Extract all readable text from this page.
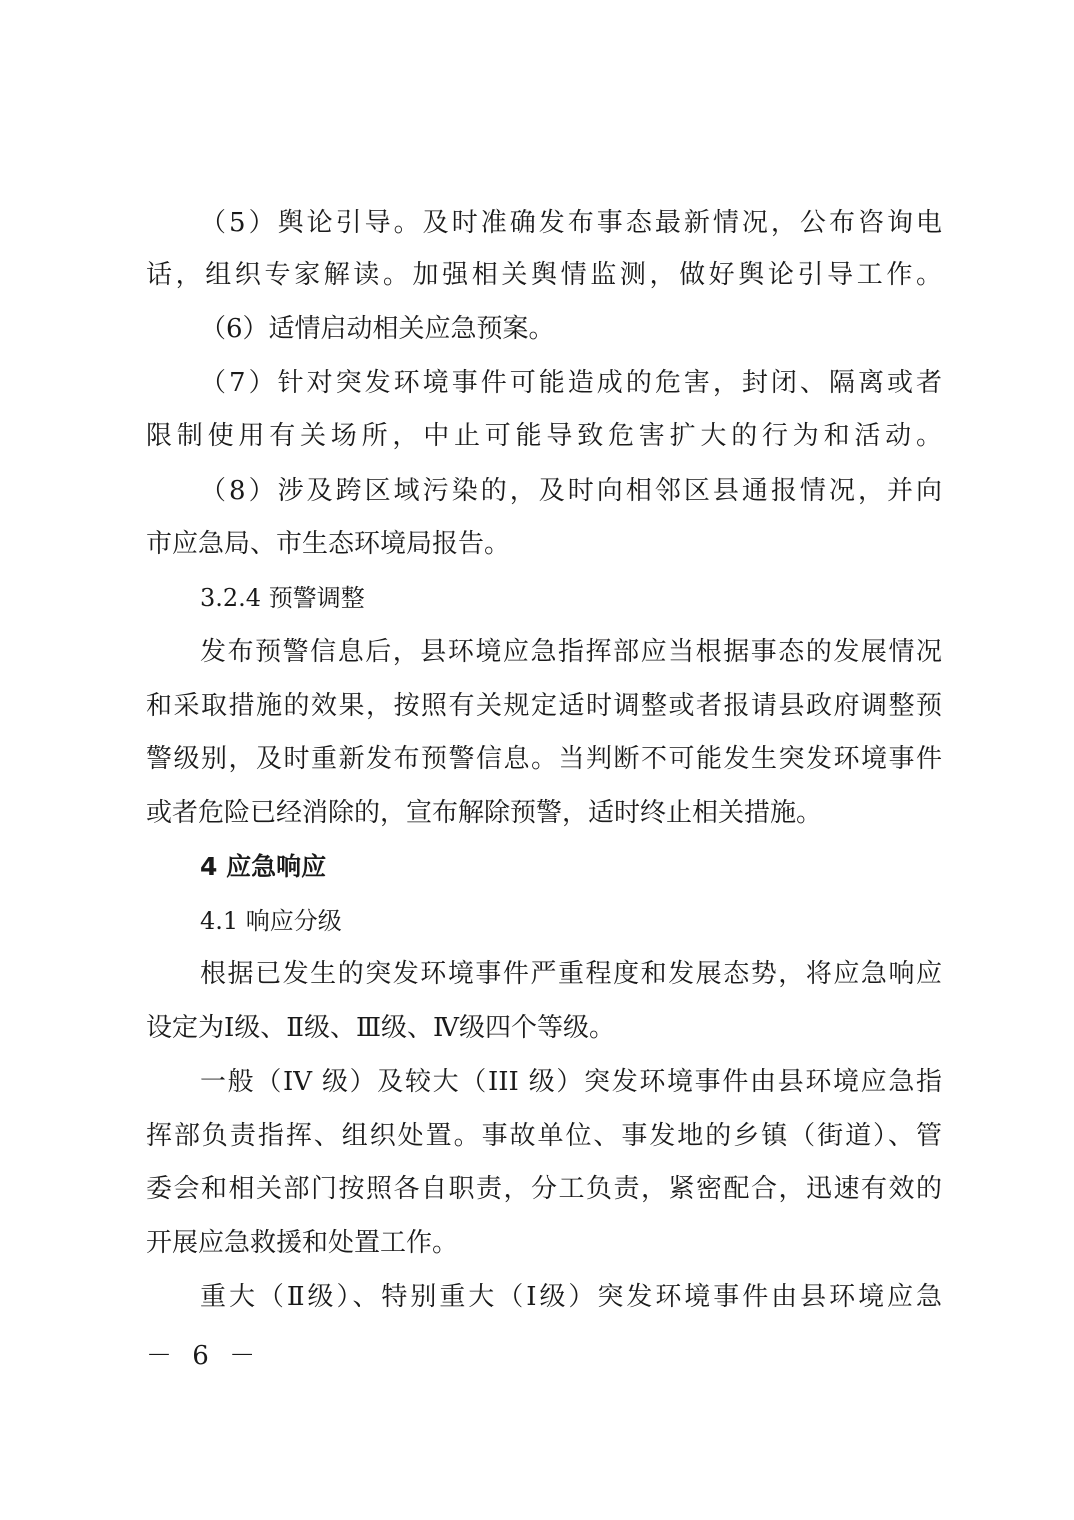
（5）舆论引导。及时准确发布事态最新情况，公布咨询电
话，组织专家解读。加强相关舆情监测，做好舆论引导工作。
（6）适情启动相关应急预案。
（7）针对突发环境事件可能造成的危害，封闭、隔离或者
限制使用有关场所，中止可能导致危害扩大的行为和活动。
（8）涉及跨区域污染的，及时向相邻区县通报情况，并向
市应急局、市生态环境局报告。
3.2.4 预警调整
发布预警信息后，县环境应急指挥部应当根据事态的发展情况
和采取措施的效果，按照有关规定适时调整或者报请县政府调整预
警级别，及时重新发布预警信息。当判断不可能发生突发环境事件
或者危险已经消除的，宣布解除预警，适时终止相关措施。
4 应急响应
4.1 响应分级
根据已发生的突发环境事件严重程度和发展态势，将应急响应
设定为Ⅰ级、Ⅱ级、Ⅲ级、Ⅳ级四个等级。
一般（IV 级）及较大（III 级）突发环境事件由县环境应急指
挥部负责指挥、组织处置。事故单位、事发地的乡镇（街道）、管
委会和相关部门按照各自职责，分工负责，紧密配合，迅速有效的
开展应急救援和处置工作。
重大（Ⅱ级）、特别重大（Ⅰ级）突发环境事件由县环境应急
－ 6 －
